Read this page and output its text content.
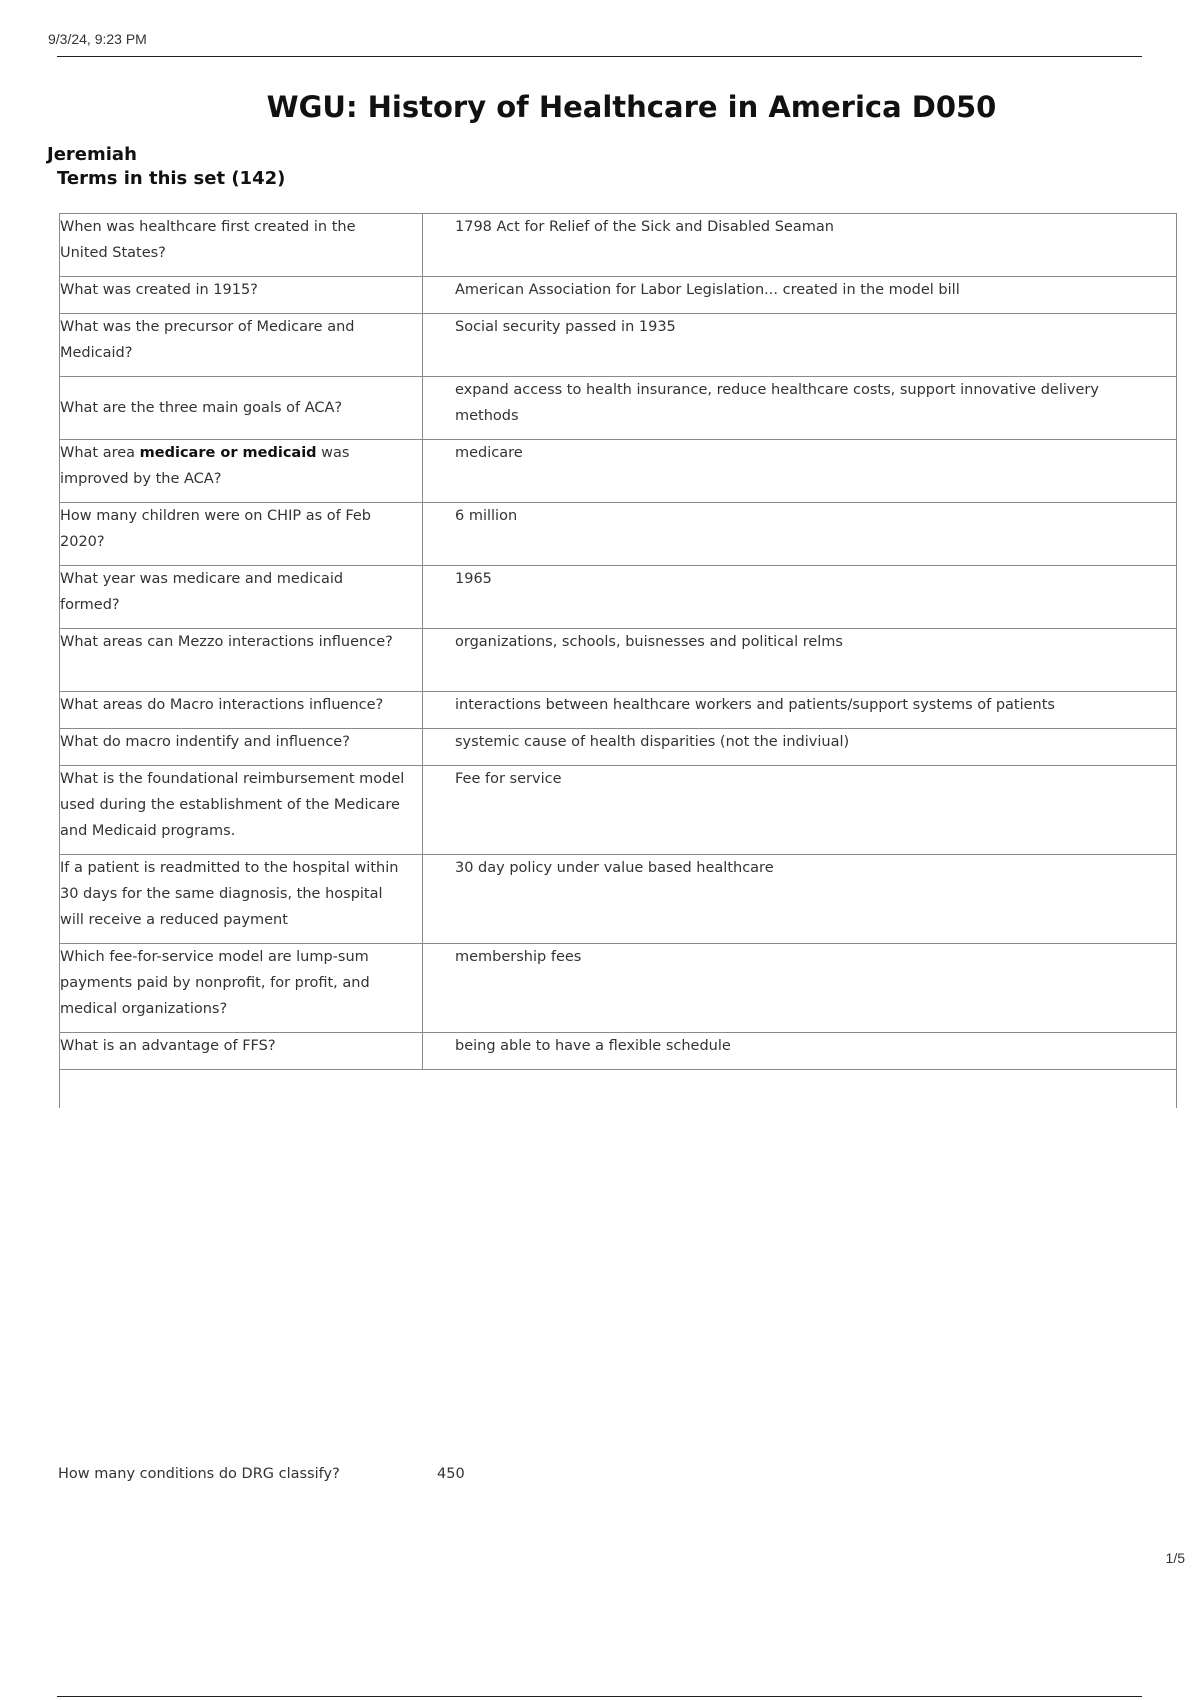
9/3/24, 9:23 PM
WGU: History of Healthcare in America D050
Jeremiah
Terms in this set (142)
When was healthcare first created in the United States?	1798 Act for Relief of the Sick and Disabled Seaman
What was created in 1915?	American Association for Labor Legislation... created in the model bill
What was the precursor of Medicare and Medicaid?	Social security passed in 1935
What are the three main goals of ACA?	expand access to health insurance, reduce healthcare costs, support innovative delivery methods
What area medicare or medicaid was improved by the ACA?	medicare
How many children were on CHIP as of Feb 2020?	6 million
What year was medicare and medicaid formed?	1965
What areas can Mezzo interactions influence?	organizations, schools, buisnesses and political relms
What areas do Macro interactions influence?	interactions between healthcare workers and patients/support systems of patients
What do macro indentify and influence?	systemic cause of health disparities (not the indiviual)
What is the foundational reimbursement model used during the establishment of the Medicare and Medicaid programs.	Fee for service
If a patient is readmitted to the hospital within 30 days for the same diagnosis, the hospital will receive a reduced payment	30 day policy under value based healthcare
Which fee-for-service model are lump-sum payments paid by nonprofit, for profit, and medical organizations?	membership fees
What is an advantage of FFS?	being able to have a flexible schedule

How many conditions do DRG classify?	450
1/5
